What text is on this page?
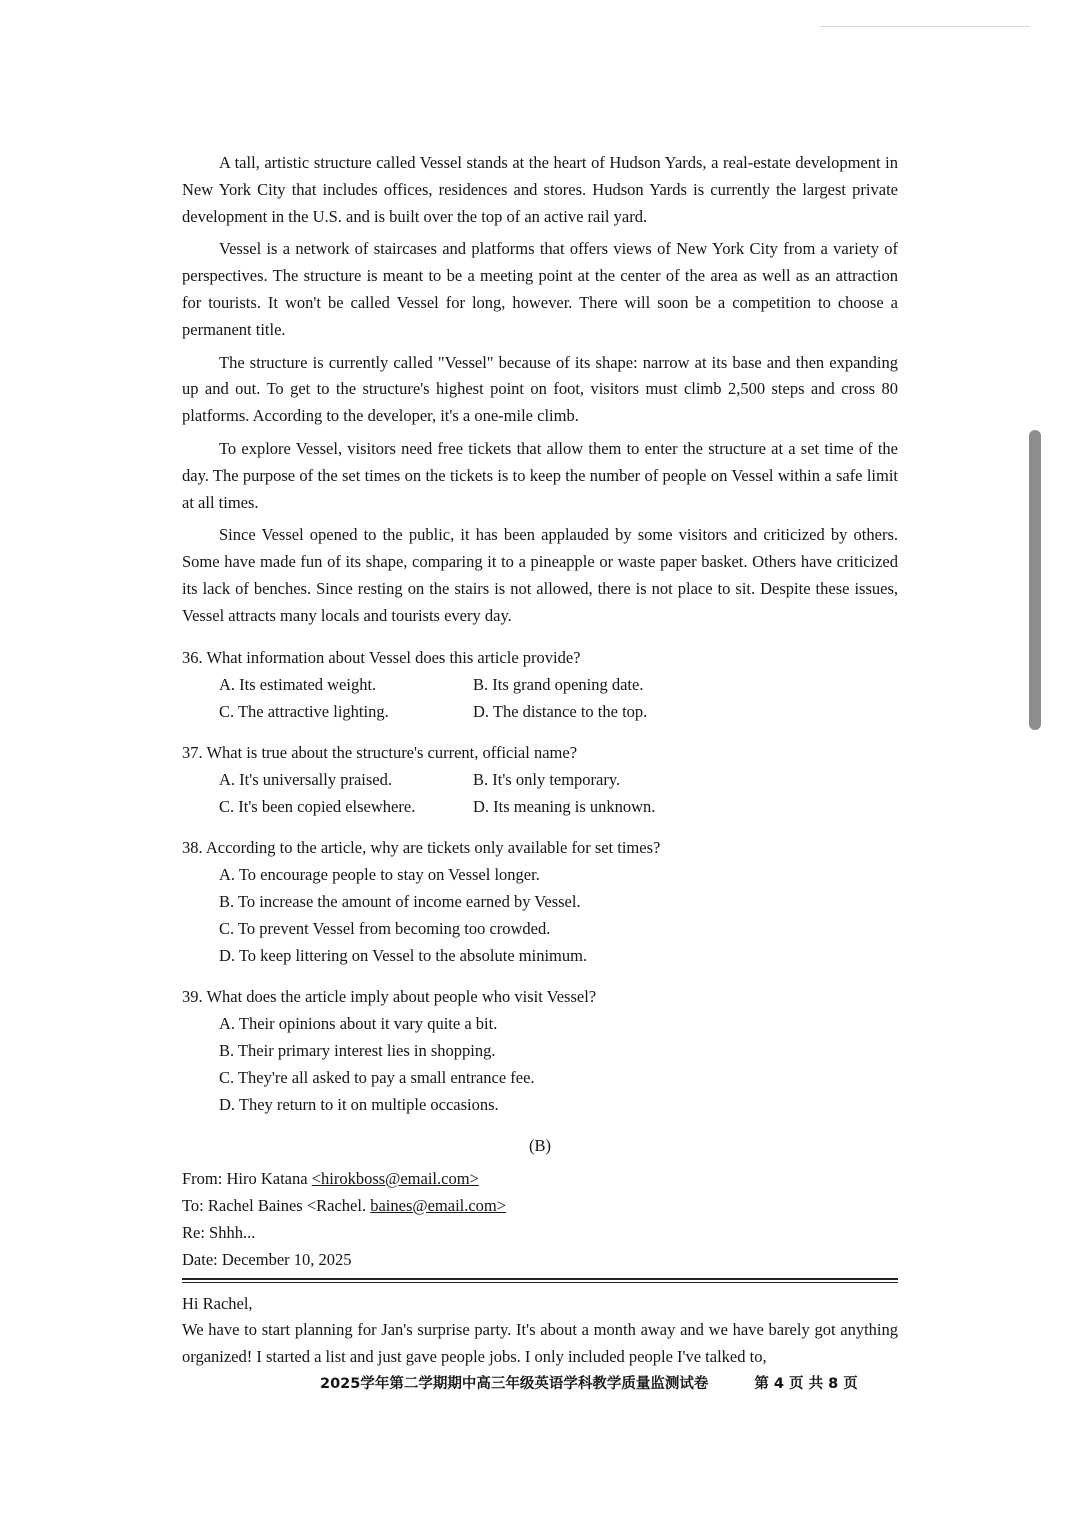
A tall, artistic structure called Vessel stands at the heart of Hudson Yards, a real-estate development in New York City that includes offices, residences and stores. Hudson Yards is currently the largest private development in the U.S. and is built over the top of an active rail yard.

Vessel is a network of staircases and platforms that offers views of New York City from a variety of perspectives. The structure is meant to be a meeting point at the center of the area as well as an attraction for tourists. It won't be called Vessel for long, however. There will soon be a competition to choose a permanent title.

The structure is currently called "Vessel" because of its shape: narrow at its base and then expanding up and out. To get to the structure's highest point on foot, visitors must climb 2,500 steps and cross 80 platforms. According to the developer, it's a one-mile climb.

To explore Vessel, visitors need free tickets that allow them to enter the structure at a set time of the day. The purpose of the set times on the tickets is to keep the number of people on Vessel within a safe limit at all times.

Since Vessel opened to the public, it has been applauded by some visitors and criticized by others. Some have made fun of its shape, comparing it to a pineapple or waste paper basket. Others have criticized its lack of benches. Since resting on the stairs is not allowed, there is not place to sit. Despite these issues, Vessel attracts many locals and tourists every day.

36. What information about Vessel does this article provide?
A. Its estimated weight.	B. Its grand opening date.
C. The attractive lighting.	D. The distance to the top.
37. What is true about the structure's current, official name?
A. It's universally praised.	B. It's only temporary.
C. It's been copied elsewhere.	D. Its meaning is unknown.
38. According to the article, why are tickets only available for set times?
A. To encourage people to stay on Vessel longer.
B. To increase the amount of income earned by Vessel.
C. To prevent Vessel from becoming too crowded.
D. To keep littering on Vessel to the absolute minimum.
39. What does the article imply about people who visit Vessel?
A. Their opinions about it vary quite a bit.
B. Their primary interest lies in shopping.
C. They're all asked to pay a small entrance fee.
D. They return to it on multiple occasions.
(B)
From: Hiro Katana <hirokboss@email.com>
To: Rachel Baines <Rachel. baines@email.com>
Re: Shhh...
Date: December 10, 2025

Hi Rachel,

We have to start planning for Jan's surprise party. It's about a month away and we have barely got anything organized! I started a list and just gave people jobs. I only included people I've talked to,

2025学年第二学期期中高三年级英语学科教学质量监测试卷	第 4 页 共 8 页
